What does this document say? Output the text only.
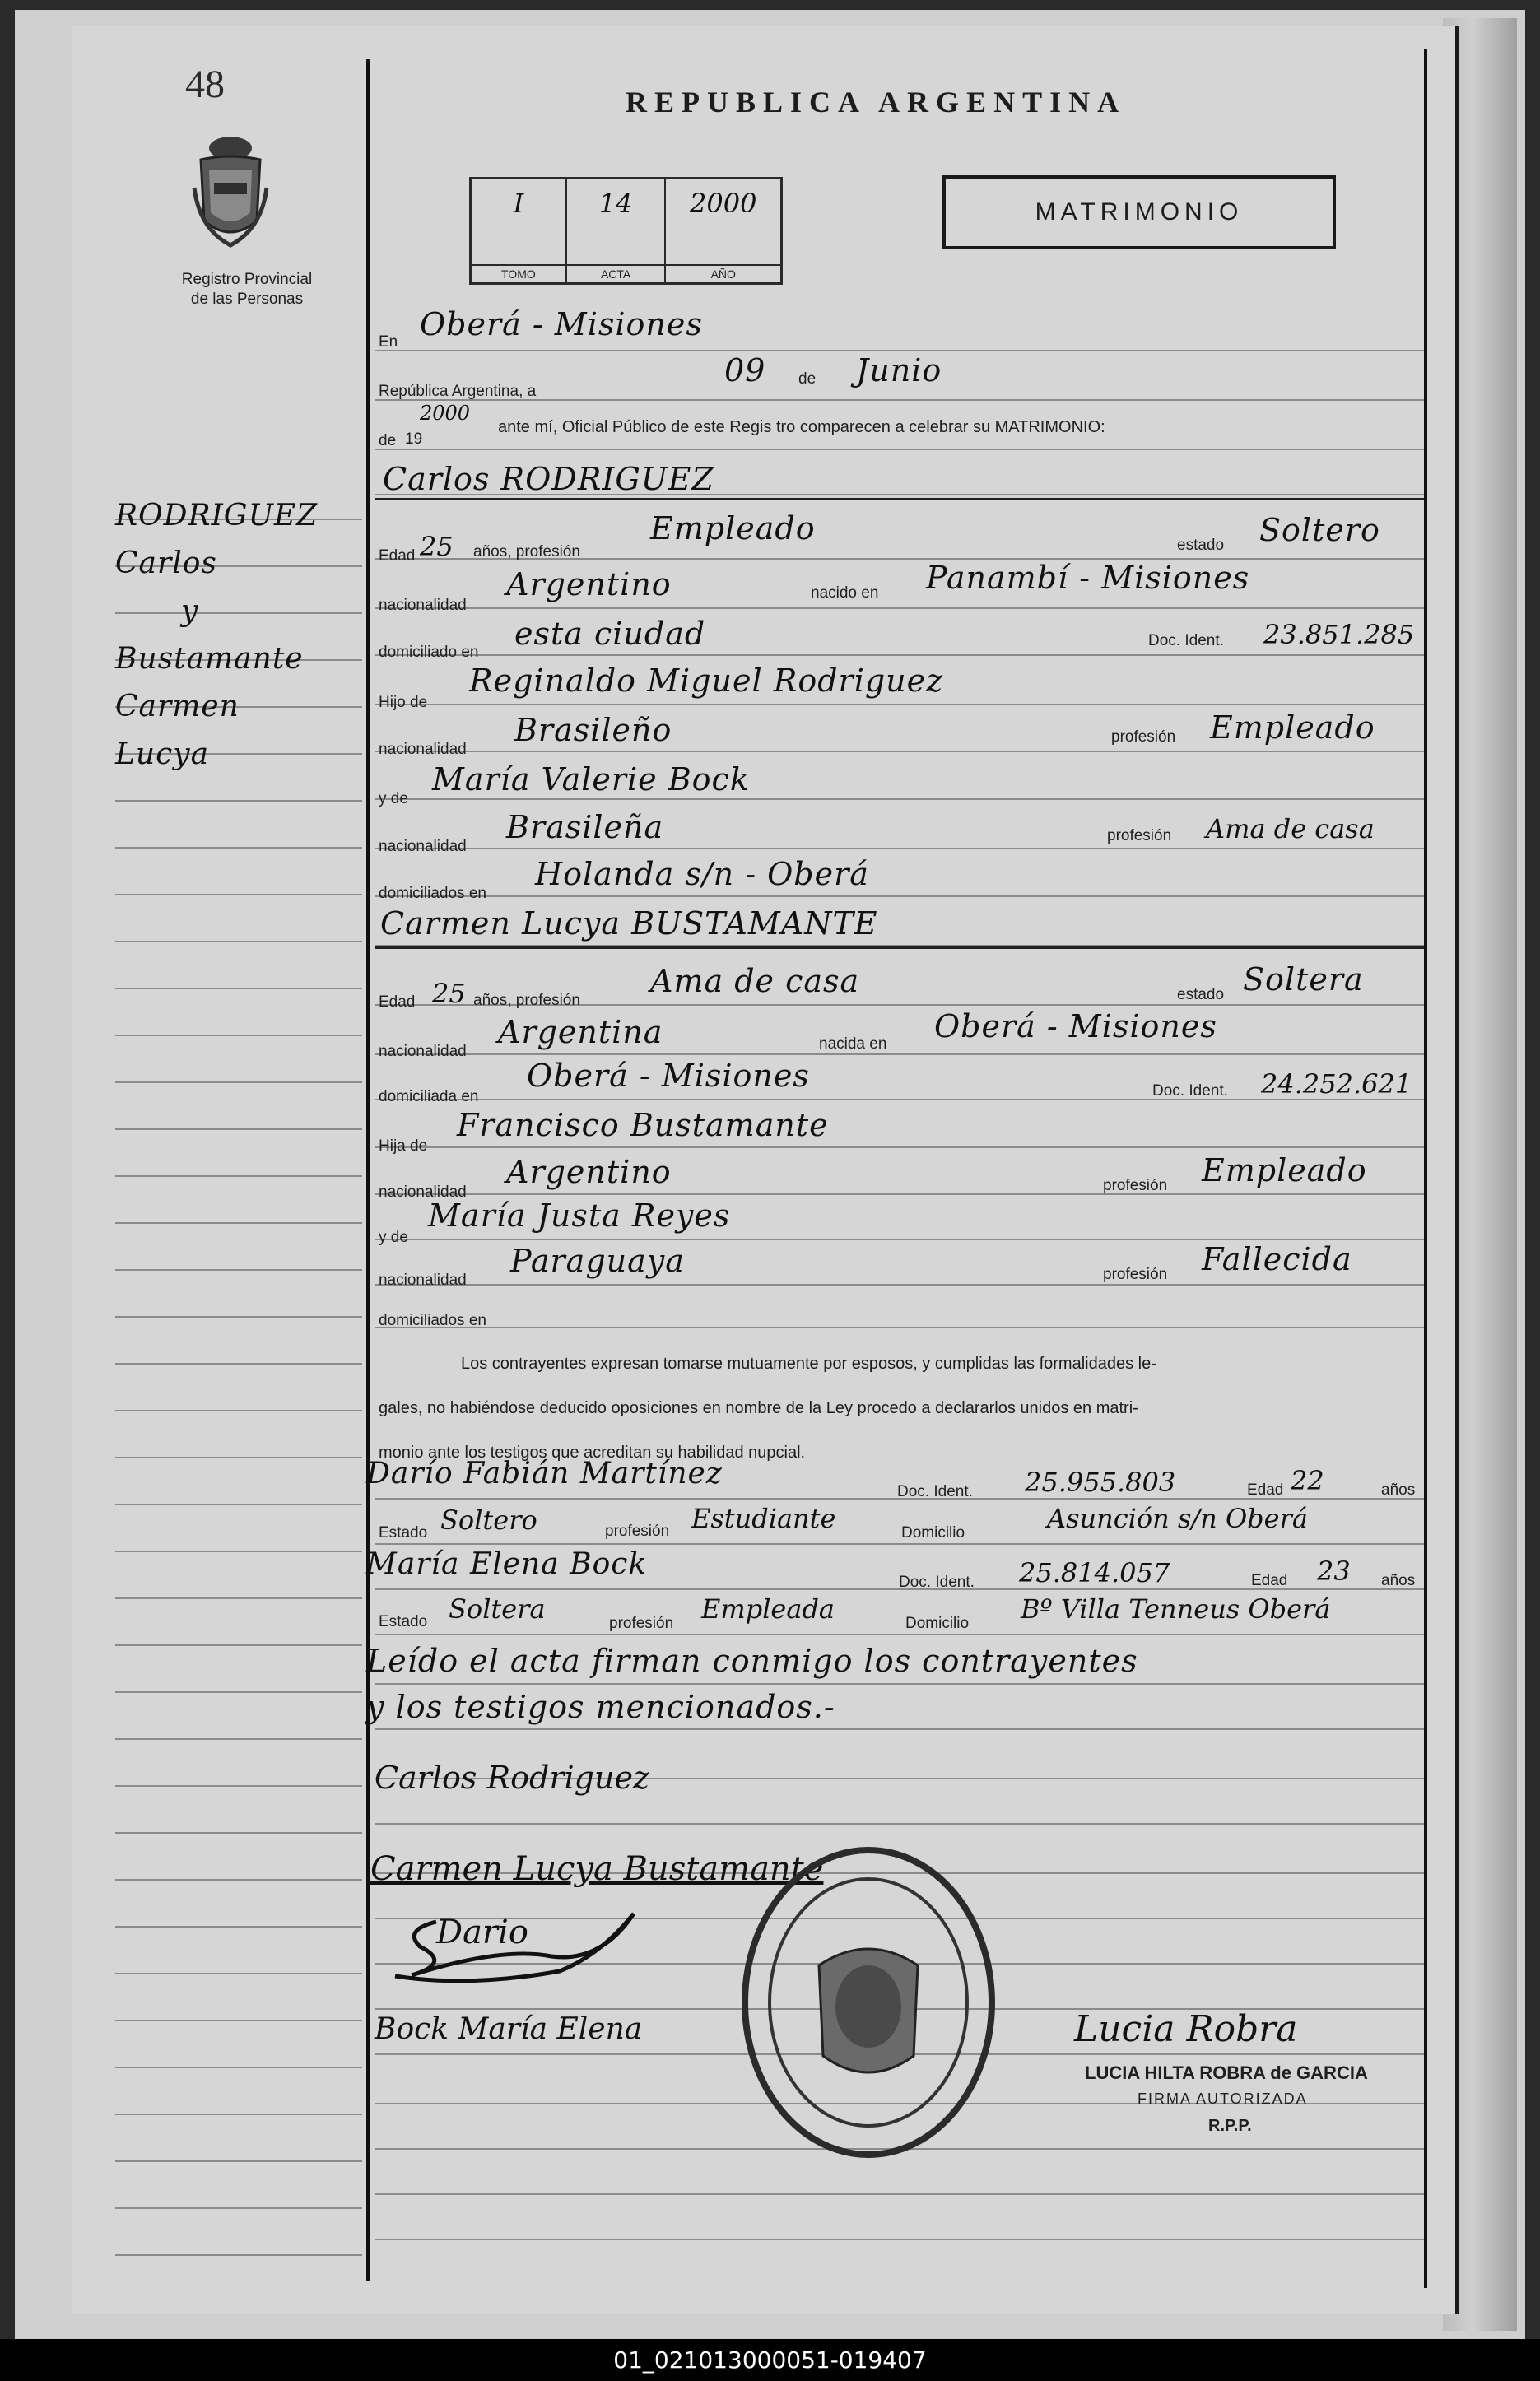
48
Registro Provincial
de las Personas
REPUBLICA ARGENTINA
I
TOMO
14
ACTA
2000
AÑO
MATRIMONIO
RODRIGUEZ
Carlos
y
Bustamante
Carmen
Lucya
En Oberá - Misiones
República Argentina, a
09 de Junio
de 19
2000
ante mí, Oficial Público de este Regis tro comparecen a celebrar su MATRIMONIO:
Carlos RODRIGUEZ
Edad 25 años, profesión
Empleado	estado Soltero
nacionalidad
Argentino	nacido en Panambí - Misiones
domiciliado en
esta ciudad	Doc. Ident. 23.851.285
Hijo de
Reginaldo Miguel Rodriguez
nacionalidad
Brasileño	profesión Empleado
y de
María Valerie Bock
nacionalidad
Brasileña	profesión Ama de casa
domiciliados en
Holanda s/n - Oberá
Carmen Lucya BUSTAMANTE
Edad 25 años, profesión
Ama de casa	estado Soltera
nacionalidad
Argentina	nacida en Oberá - Misiones
domiciliada en
Oberá - Misiones	Doc. Ident. 24.252.621
Hija de
Francisco Bustamante
nacionalidad
Argentino	profesión Empleado
y de
María Justa Reyes
nacionalidad
Paraguaya	profesión Fallecida
domiciliados en
Los contrayentes expresan tomarse mutuamente por esposos, y cumplidas las formalidades le-
gales, no habiéndose deducido oposiciones en nombre de la Ley procedo a declararlos unidos en matri-
monio ante los testigos que acreditan su habilidad nupcial.
Darío Fabián Martínez
Doc. Ident. 25.955.803	Edad 22	años
Estado Soltero	profesión Estudiante	Domicilio	Asunción s/n Oberá
María Elena Bock
Doc. Ident. 25.814.057	Edad 23 años
Estado Soltera	profesión Empleada	Domicilio Bº Villa Tenneus Oberá
Leído el acta firman conmigo los contrayentes
y los testigos mencionados.-
Carlos Rodriguez
Carmen Lucya Bustamante
Dario
Bock María Elena	Lucia Robra
LUCIA HILTA ROBRA de GARCIA
FIRMA AUTORIZADA
R.P.P.
01_021013000051-019407
